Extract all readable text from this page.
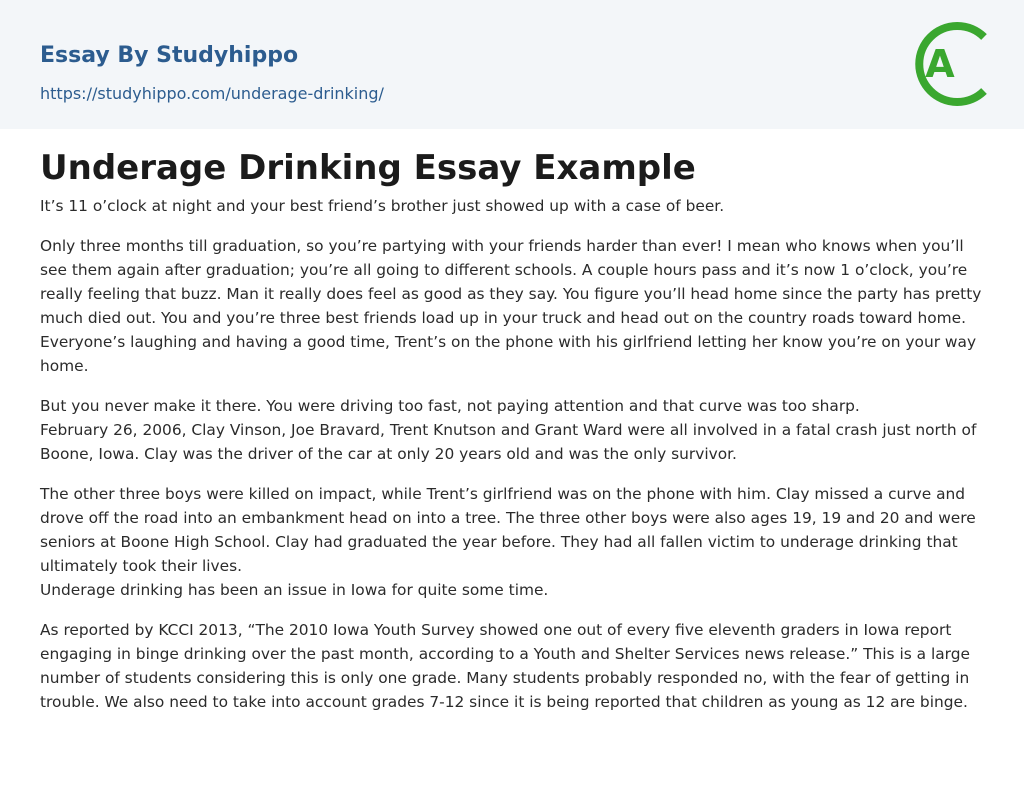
Essay By Studyhippo
https://studyhippo.com/underage-drinking/
A
Underage Drinking Essay Example

It’s 11 o’clock at night and your best friend’s brother just showed up with a case of beer.

Only three months till graduation, so you’re partying with your friends harder than ever! I mean who knows when you’ll see them again after graduation; you’re all going to different schools. A couple hours pass and it’s now 1 o’clock, you’re really feeling that buzz. Man it really does feel as good as they say. You figure you’ll head home since the party has pretty much died out. You and you’re three best friends load up in your truck and head out on the country roads toward home. Everyone’s laughing and having a good time, Trent’s on the phone with his girlfriend letting her know you’re on your way home.

But you never make it there. You were driving too fast, not paying attention and that curve was too sharp.
February 26, 2006, Clay Vinson, Joe Bravard, Trent Knutson and Grant Ward were all involved in a fatal crash just north of Boone, Iowa. Clay was the driver of the car at only 20 years old and was the only survivor.

The other three boys were killed on impact, while Trent’s girlfriend was on the phone with him. Clay missed a curve and drove off the road into an embankment head on into a tree. The three other boys were also ages 19, 19 and 20 and were seniors at Boone High School. Clay had graduated the year before. They had all fallen victim to underage drinking that ultimately took their lives.
Underage drinking has been an issue in Iowa for quite some time.

As reported by KCCI 2013, “The 2010 Iowa Youth Survey showed one out of every five eleventh graders in Iowa report engaging in binge drinking over the past month, according to a Youth and Shelter Services news release.” This is a large number of students considering this is only one grade. Many students probably responded no, with the fear of getting in trouble. We also need to take into account grades 7-12 since it is being reported that children as young as 12 are binge.
